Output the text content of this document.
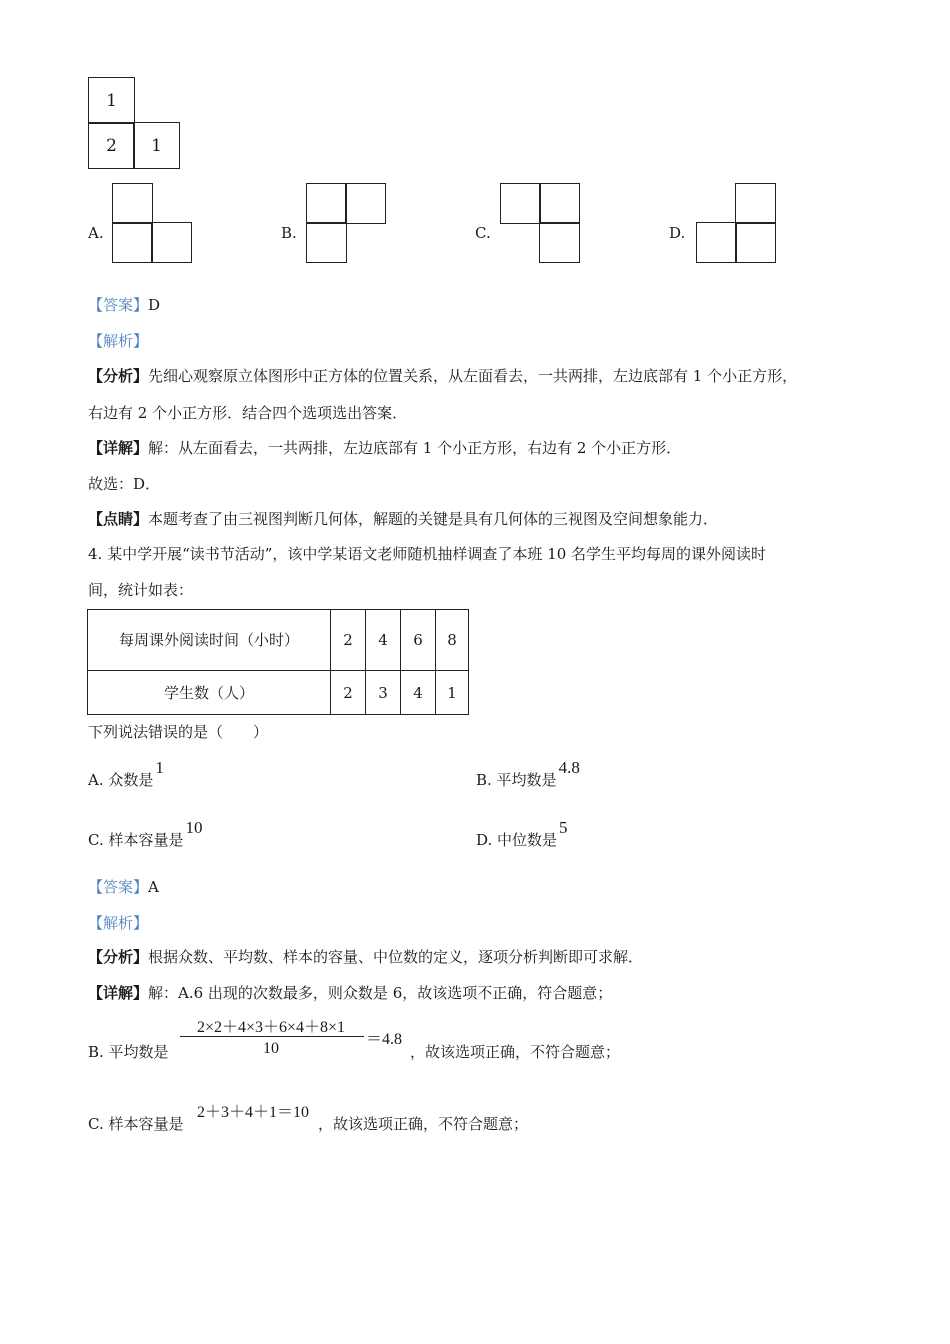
1
2	1
A.	B.	C.	D.
【答案】D
【解析】
【分析】先细心观察原立体图形中正方体的位置关系，从左面看去，一共两排，左边底部有 1 个小正方形，
右边有 2 个小正方形．结合四个选项选出答案．
【详解】解：从左面看去，一共两排，左边底部有 1 个小正方形，右边有 2 个小正方形．
故选：D．
【点睛】本题考查了由三视图判断几何体，解题的关键是具有几何体的三视图及空间想象能力．
4. 某中学开展“读书节活动”，该中学某语文老师随机抽样调查了本班 10 名学生平均每周的课外阅读时
间，统计如表：
每周课外阅读时间（小时）	2	4	6	8
学生数（人）	2	3	4	1
下列说法错误的是（　　）
A. 众数是1
B. 平均数是4.8
C. 样本容量是10
D. 中位数是5
【答案】A
【解析】
【分析】根据众数、平均数、样本的容量、中位数的定义，逐项分析判断即可求解．
【详解】解：A.6 出现的次数最多，则众数是 6，故该选项不正确，符合题意；
B. 平均数是
2×2＋4×3＋6×4＋8×1
10
＝4.8
，故该选项正确，不符合题意；
C. 样本容量是
2＋3＋4＋1＝10
，故该选项正确，不符合题意；
